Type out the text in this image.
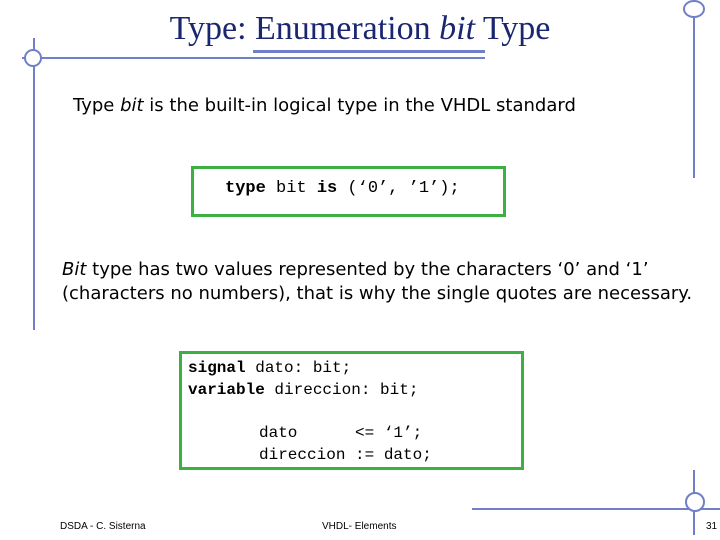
Type: Enumeration bit Type
Type bit is the built-in logical type in the VHDL standard
type bit is (‘0’, ’1’);
Bit type has two values represented by the characters ‘0’ and ‘1’
(characters no numbers), that is why the single quotes are necessary.
signal dato: bit;
variable direccion: bit;
dato      <= ‘1’;
direccion := dato;
DSDA - C. Sisterna	VHDL- Elements	31
